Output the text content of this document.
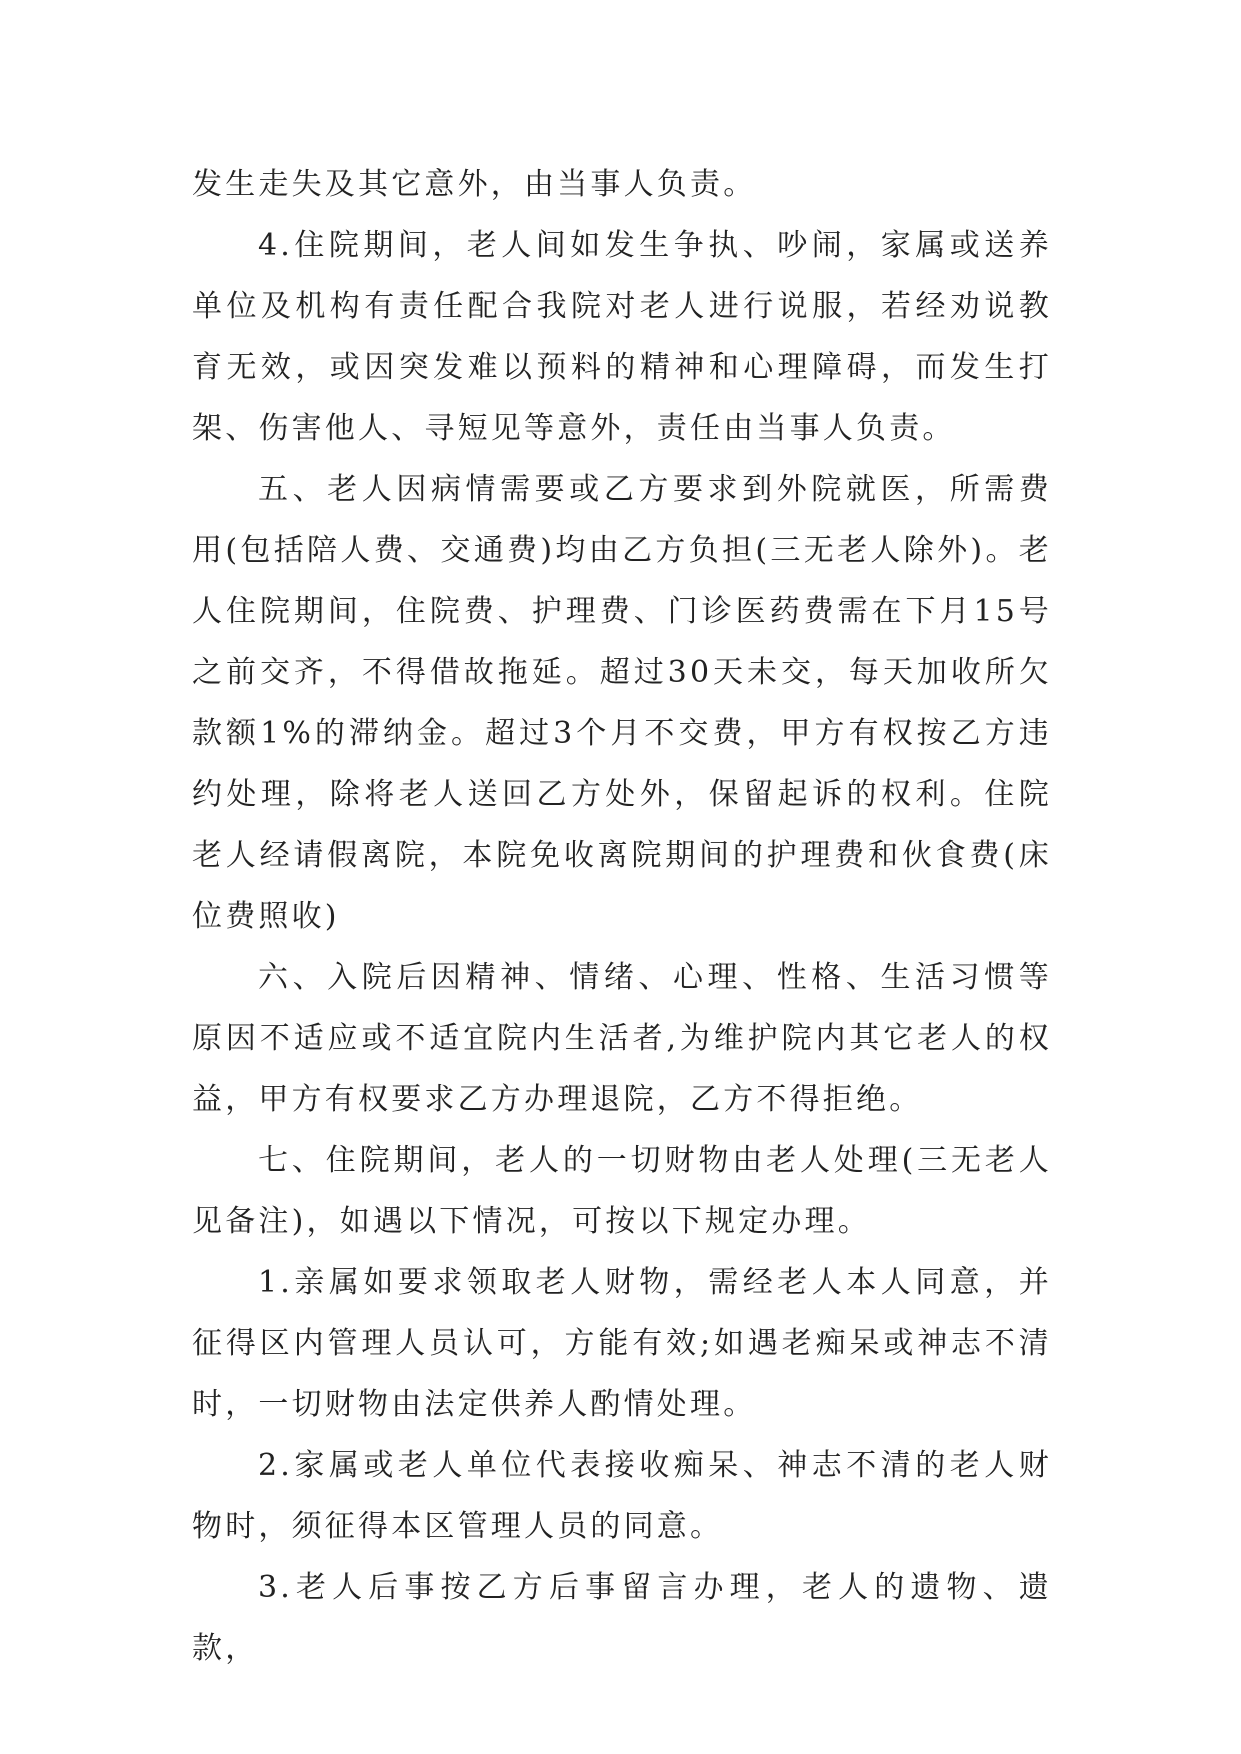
发生走失及其它意外，由当事人负责。

4.住院期间，老人间如发生争执、吵闹，家属或送养单位及机构有责任配合我院对老人进行说服，若经劝说教育无效，或因突发难以预料的精神和心理障碍，而发生打架、伤害他人、寻短见等意外，责任由当事人负责。

五、老人因病情需要或乙方要求到外院就医，所需费用(包括陪人费、交通费)均由乙方负担(三无老人除外)。老人住院期间，住院费、护理费、门诊医药费需在下月15号之前交齐，不得借故拖延。超过30天未交，每天加收所欠款额1%的滞纳金。超过3个月不交费，甲方有权按乙方违约处理，除将老人送回乙方处外，保留起诉的权利。住院老人经请假离院，本院免收离院期间的护理费和伙食费(床位费照收)

六、入院后因精神、情绪、心理、性格、生活习惯等原因不适应或不适宜院内生活者,为维护院内其它老人的权益，甲方有权要求乙方办理退院，乙方不得拒绝。

七、住院期间，老人的一切财物由老人处理(三无老人见备注)，如遇以下情况，可按以下规定办理。

1.亲属如要求领取老人财物，需经老人本人同意，并征得区内管理人员认可，方能有效;如遇老痴呆或神志不清时，一切财物由法定供养人酌情处理。

2.家属或老人单位代表接收痴呆、神志不清的老人财物时，须征得本区管理人员的同意。

3.老人后事按乙方后事留言办理，老人的遗物、遗款，
